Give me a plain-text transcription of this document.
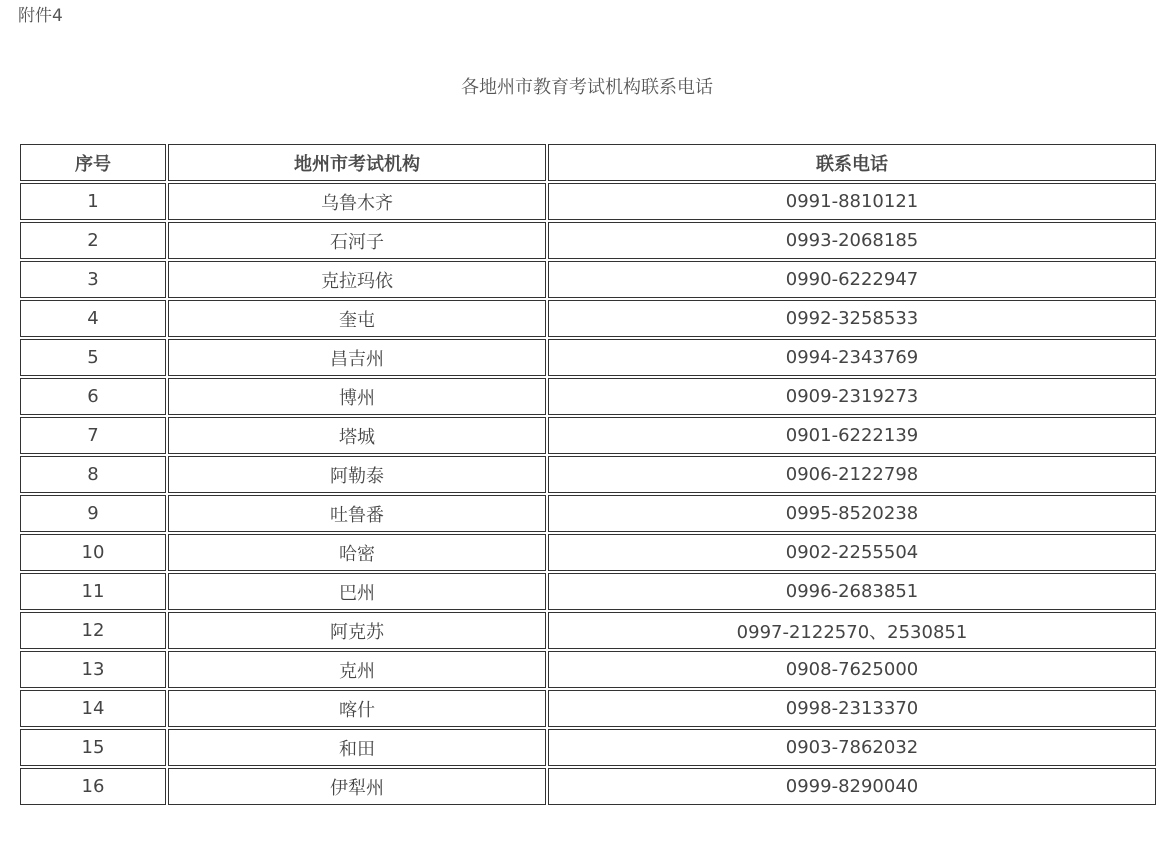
附件4
各地州市教育考试机构联系电话
序号	地州市考试机构	联系电话
1	乌鲁木齐	0991-8810121
2	石河子	0993-2068185
3	克拉玛依	0990-6222947
4	奎屯	0992-3258533
5	昌吉州	0994-2343769
6	博州	0909-2319273
7	塔城	0901-6222139
8	阿勒泰	0906-2122798
9	吐鲁番	0995-8520238
10	哈密	0902-2255504
11	巴州	0996-2683851
12	阿克苏	0997-2122570、2530851
13	克州	0908-7625000
14	喀什	0998-2313370
15	和田	0903-7862032
16	伊犁州	0999-8290040
